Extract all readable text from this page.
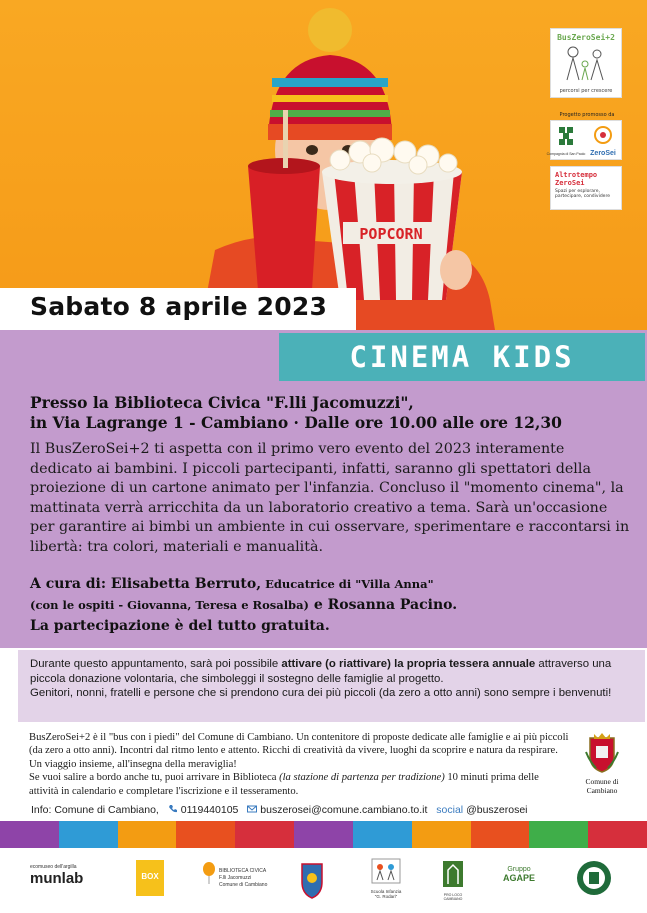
POPCORN
BusZeroSei+2
percorsi per crescere
Progetto promosso da
Compagnia di San Paolo ZeroSei
Altrotempo ZeroSei
Spazi per esplorare, partecipare, condividere
Sabato 8 aprile 2023
CINEMA KIDS
Presso la Biblioteca Civica "F.lli Jacomuzzi",
in Via Lagrange 1 - Cambiano · Dalle ore 10.00 alle ore 12,30
Il BusZeroSei+2 ti aspetta con il primo vero evento del 2023 interamente dedicato ai bambini. I piccoli partecipanti, infatti, saranno gli spettatori della proiezione di un cartone animato per l'infanzia. Concluso il "momento cinema", la mattinata verrà arricchita da un laboratorio creativo a tema. Sarà un'occasione per garantire ai bimbi un ambiente in cui osservare, sperimentare e raccontarsi in libertà: tra colori, materiali e manualità.
A cura di: Elisabetta Berruto, Educatrice di "Villa Anna"
(con le ospiti - Giovanna, Teresa e Rosalba) e Rosanna Pacino.
La partecipazione è del tutto gratuita.
Durante questo appuntamento, sarà poi possibile attivare (o riattivare) la propria tessera annuale attraverso una piccola donazione volontaria, che simboleggi il sostegno delle famiglie al progetto.
Genitori, nonni, fratelli e persone che si prendono cura dei più piccoli (da zero a otto anni) sono sempre i benvenuti!
BusZeroSei+2 è il "bus con i piedi" del Comune di Cambiano. Un contenitore di proposte dedicate alle famiglie e ai più piccoli (da zero a otto anni). Incontri dal ritmo lento e attento. Ricchi di creatività da vivere, luoghi da scoprire e natura da respirare. Un viaggio insieme, all'insegna della meraviglia!
Se vuoi salire a bordo anche tu, puoi arrivare in Biblioteca (la stazione di partenza per tradizione) 10 minuti prima delle attività in calendario e completare l'iscrizione e il tesseramento.
Comune di Cambiano
Info: Comune di Cambiano, 0119440105 buszerosei@comune.cambiano.to.it social @buszerosei
ecomuseo dell'argilla
munlab	BOX
BIBLIOTECA CIVICA
F.lli Jacomuzzi
Comune di Cambiano
Scuola Infanzia
"G. Rodari"	PRO LOCO CAMBIANO
Gruppo
AGAPE
